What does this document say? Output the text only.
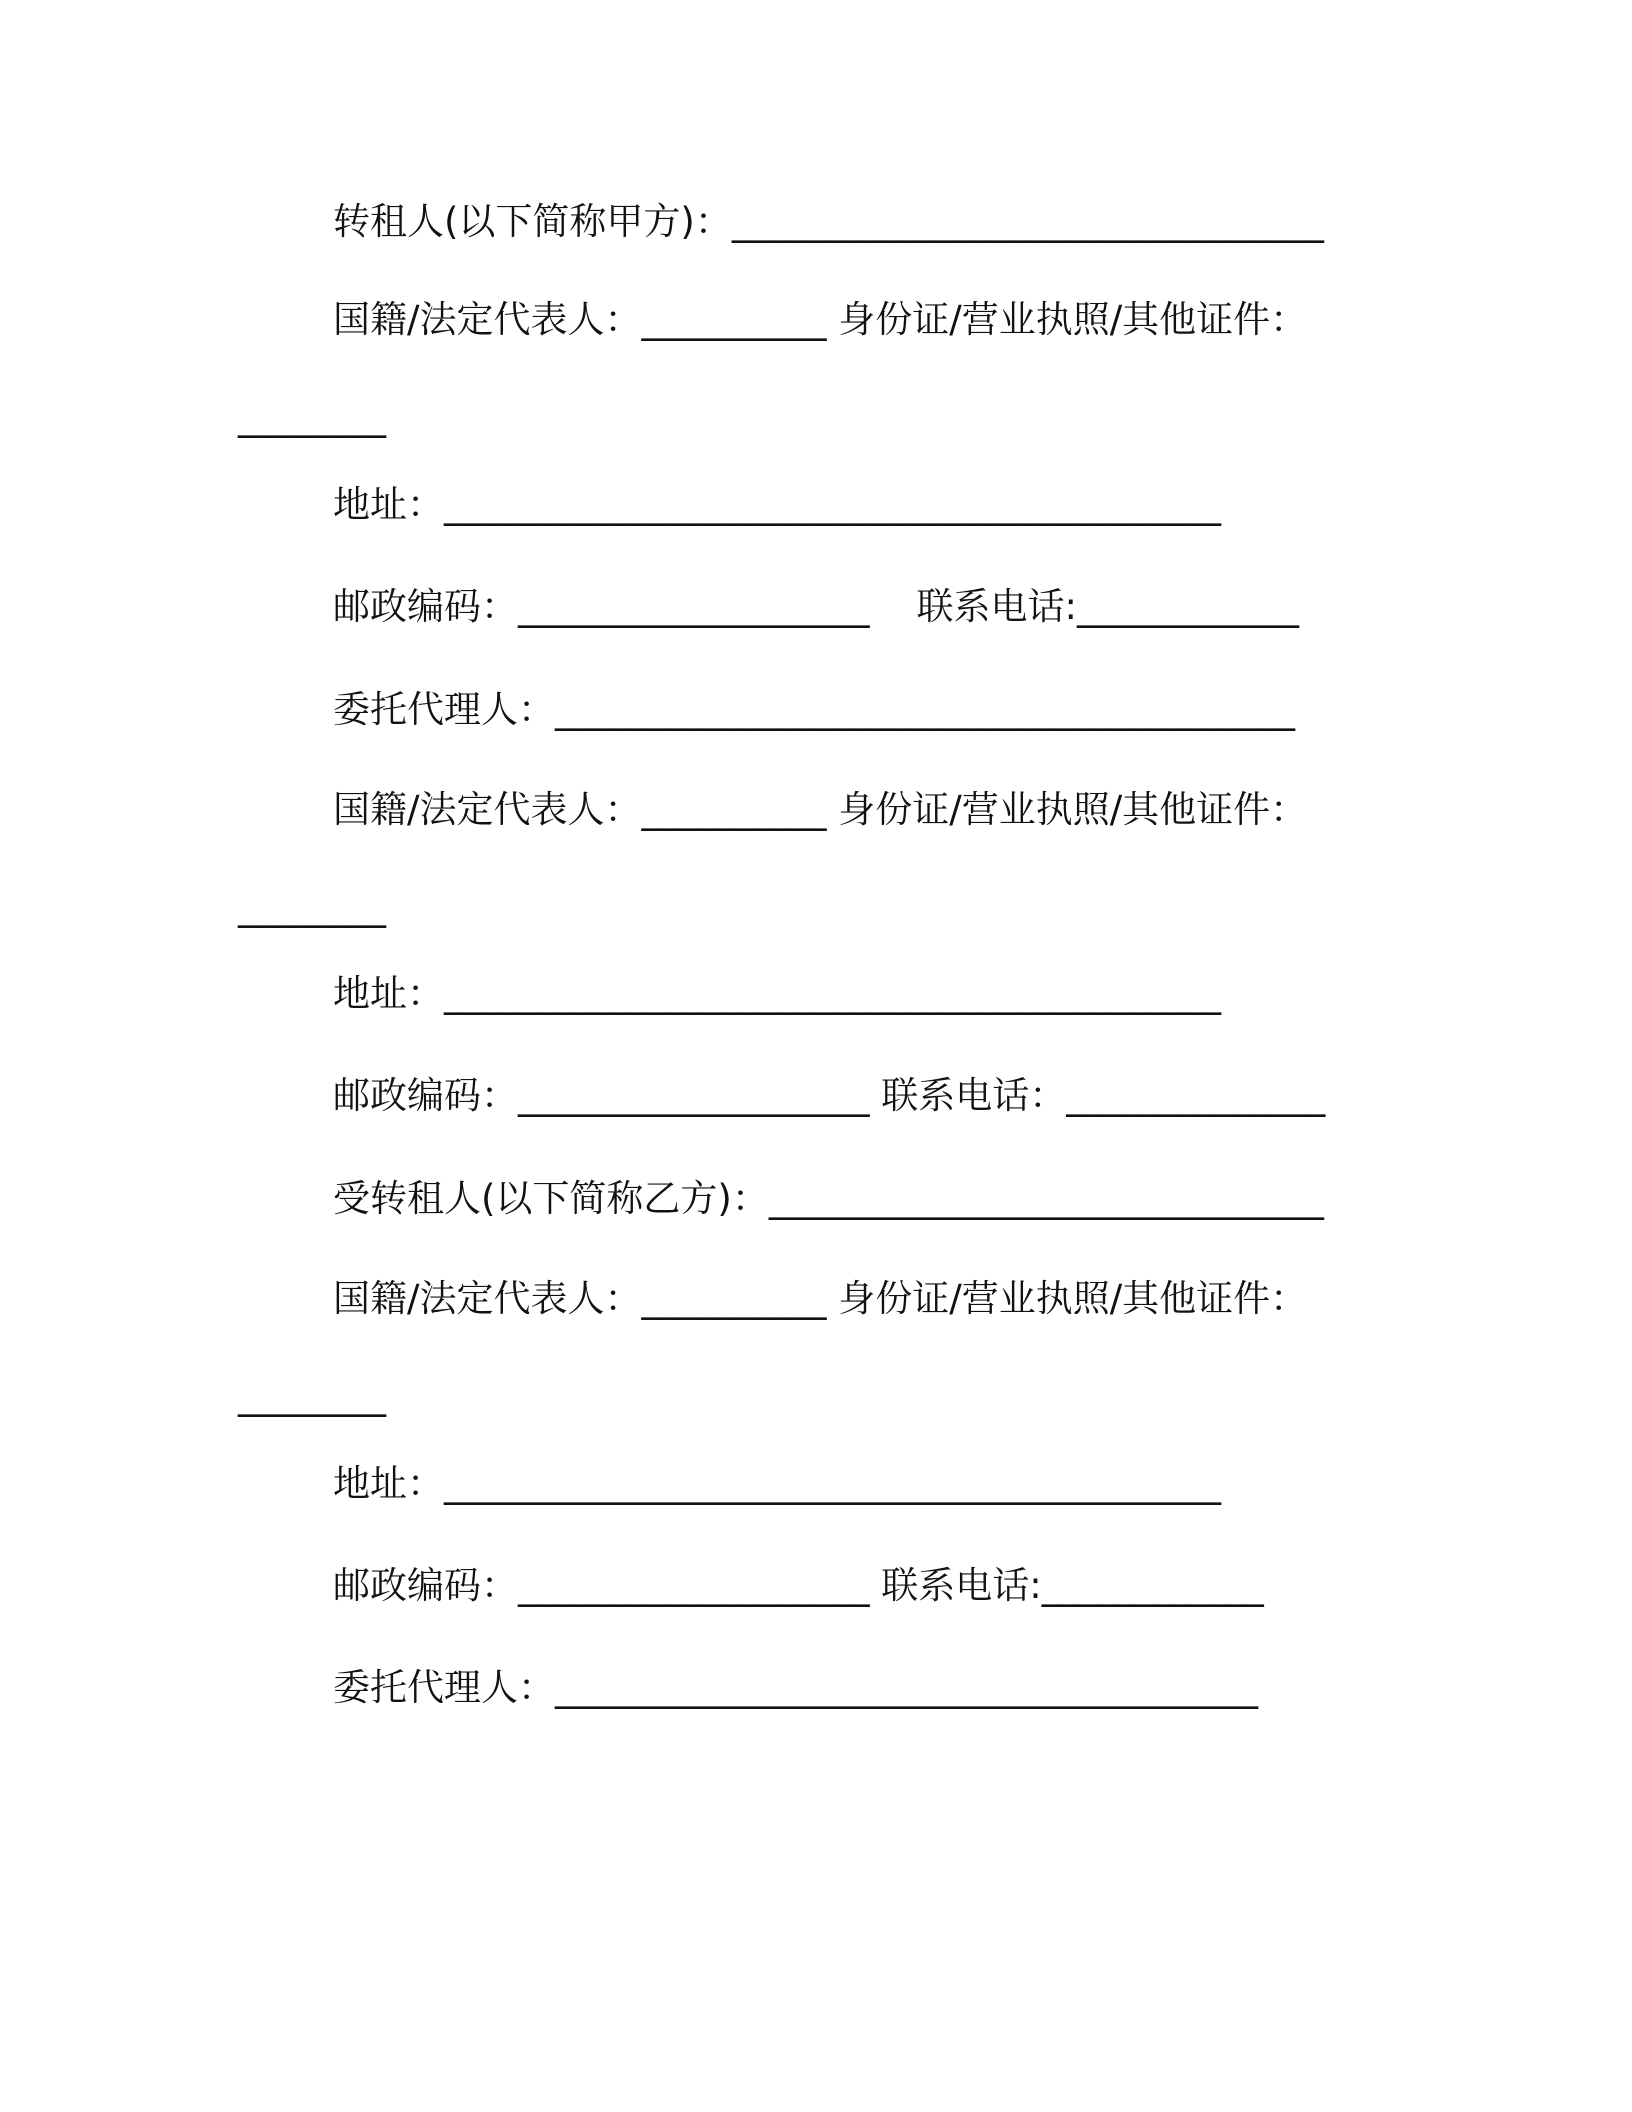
转租人(以下简称甲方)：________________________________
国籍/法定代表人：__________ 身份证/营业执照/其他证件：
________
地址：__________________________________________
邮政编码：___________________    联系电话:____________
委托代理人：________________________________________
国籍/法定代表人：__________ 身份证/营业执照/其他证件：
________
地址：__________________________________________
邮政编码：___________________ 联系电话：______________
受转租人(以下简称乙方)：______________________________
国籍/法定代表人：__________ 身份证/营业执照/其他证件：
________
地址：__________________________________________
邮政编码：___________________ 联系电话:____________
委托代理人：______________________________________
